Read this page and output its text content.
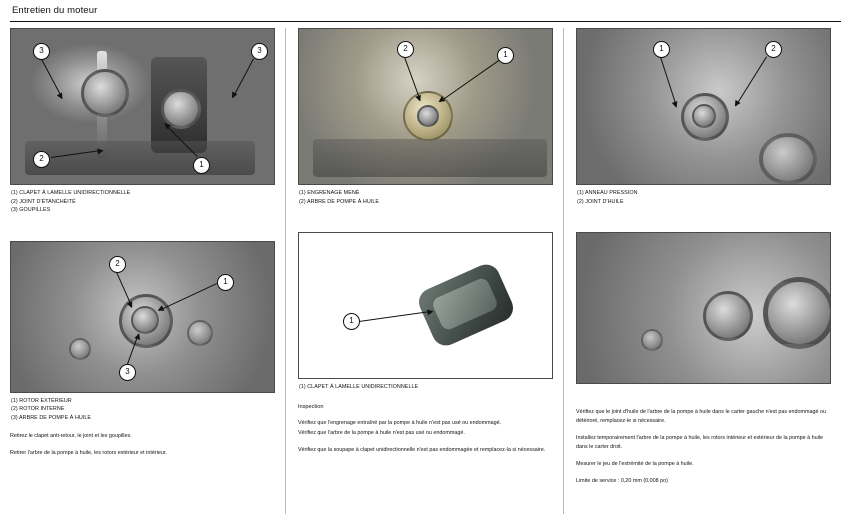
Entretien du moteur
3	3
2
1
(1) CLAPET À LAMELLE UNIDIRECTIONNELLE
(2) JOINT D'ÉTANCHÉITÉ
(3) GOUPILLES
2
1
3
(1) ROTOR EXTÉRIEUR
(2) ROTOR INTERNE
(3) ARBRE DE POMPE À HUILE

Retirez le clapet anti-retour, le joint et les goupilles.

Retirer l'arbre de la pompe à huile, les rotors extérieur et intérieur.

2
1
(1) ENGRENAGE MENÉ
(2) ARBRE DE POMPE À HUILE
1
(1) CLAPET À LAMELLE UNIDIRECTIONNELLE
Inspection

Vérifiez que l'engrenage entraîné par la pompe à huile n'est pas usé ou endommagé.

Vérifiez que l'arbre de la pompe à huile n'est pas usé ou endommagé.

Vérifiez que la soupape à clapet unidirectionnelle n'est pas endommagée et remplacez-la si nécessaire.

1	2
(1) ANNEAU PRESSION
(2) JOINT D'HUILE

Vérifiez que le joint d'huile de l'arbre de la pompe à huile dans le carter gauche n'est pas endommagé ou détérioré, remplacez-le si nécessaire.

Installez temporairement l'arbre de la pompe à huile, les rotors intérieur et extérieur de la pompe à huile dans le carter droit.

Mesurer le jeu de l'extrémité de la pompe à huile.

Limite de service : 0,20 mm (0,008 po)
